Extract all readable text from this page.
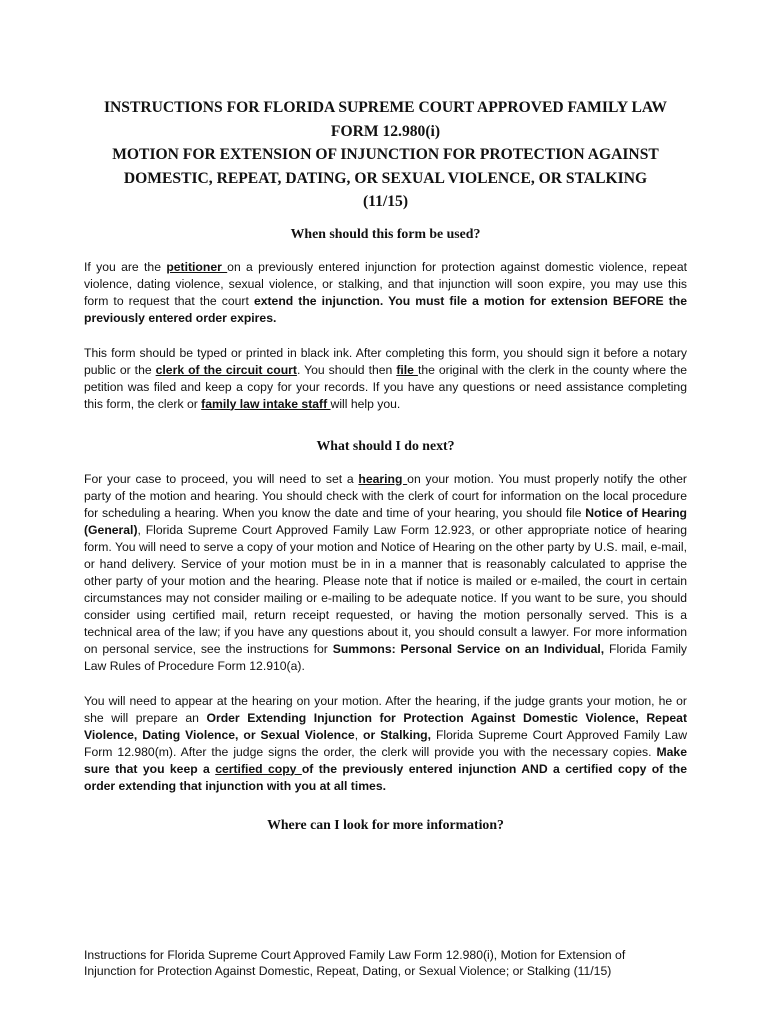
INSTRUCTIONS FOR FLORIDA SUPREME COURT APPROVED FAMILY LAW
FORM 12.980(i)
MOTION FOR EXTENSION OF INJUNCTION FOR PROTECTION AGAINST
DOMESTIC, REPEAT, DATING, OR SEXUAL VIOLENCE, OR STALKING
(11/15)
When should this form be used?

If you are the petitioner on a previously entered injunction for protection against domestic violence, repeat violence, dating violence, sexual violence, or stalking, and that injunction will soon expire, you may use this form to request that the court extend the injunction. You must file a motion for extension BEFORE the previously entered order expires.

This form should be typed or printed in black ink. After completing this form, you should sign it before a notary public or the clerk of the circuit court. You should then file the original with the clerk in the county where the petition was filed and keep a copy for your records. If you have any questions or need assistance completing this form, the clerk or family law intake staff will help you.

What should I do next?

For your case to proceed, you will need to set a hearing on your motion. You must properly notify the other party of the motion and hearing. You should check with the clerk of court for information on the local procedure for scheduling a hearing. When you know the date and time of your hearing, you should file Notice of Hearing (General), Florida Supreme Court Approved Family Law Form 12.923, or other appropriate notice of hearing form. You will need to serve a copy of your motion and Notice of Hearing on the other party by U.S. mail, e-mail, or hand delivery. Service of your motion must be in in a manner that is reasonably calculated to apprise the other party of your motion and the hearing. Please note that if notice is mailed or e-mailed, the court in certain circumstances may not consider mailing or e-mailing to be adequate notice. If you want to be sure, you should consider using certified mail, return receipt requested, or having the motion personally served. This is a technical area of the law; if you have any questions about it, you should consult a lawyer. For more information on personal service, see the instructions for Summons: Personal Service on an Individual, Florida Family Law Rules of Procedure Form 12.910(a).

You will need to appear at the hearing on your motion. After the hearing, if the judge grants your motion, he or she will prepare an Order Extending Injunction for Protection Against Domestic Violence, Repeat Violence, Dating Violence, or Sexual Violence, or Stalking, Florida Supreme Court Approved Family Law Form 12.980(m). After the judge signs the order, the clerk will provide you with the necessary copies. Make sure that you keep a certified copy of the previously entered injunction AND a certified copy of the order extending that injunction with you at all times.

Where can I look for more information?
Instructions for Florida Supreme Court Approved Family Law Form 12.980(i), Motion for Extension of
Injunction for Protection Against Domestic, Repeat, Dating, or Sexual Violence; or Stalking (11/15)
